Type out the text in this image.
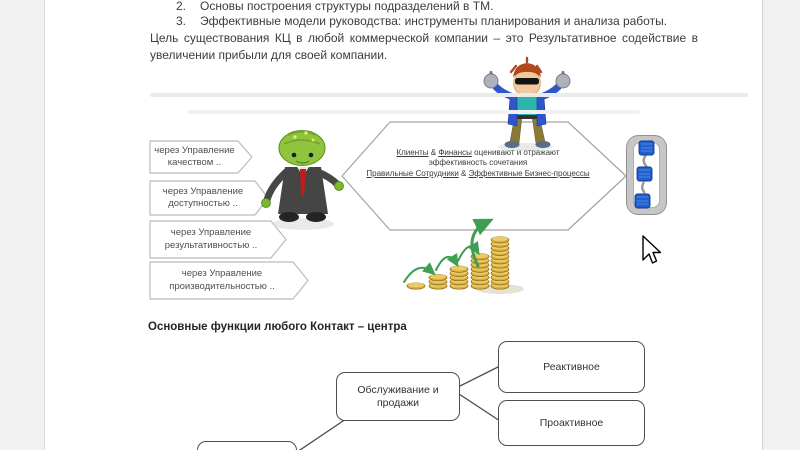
2. Основы построения структуры подразделений в ТМ.
3. Эффективные модели руководства: инструменты планирования и анализа работы.
Цель существования КЦ в любой коммерческой компании – это Результативное содействие в увеличении прибыли для своей компании.
через Управление
качеством ..
через Управление
доступностью ..
через Управление
результативностью ..
через Управление
производительностью ..
Клиенты & Финансы оценивают и отражают
эффективность сочетания
Правильные Сотрудники & Эффективные Бизнес-процессы
Основные функции любого Контакт – центра
Обслуживание и
продажи
Реактивное
Проактивное
